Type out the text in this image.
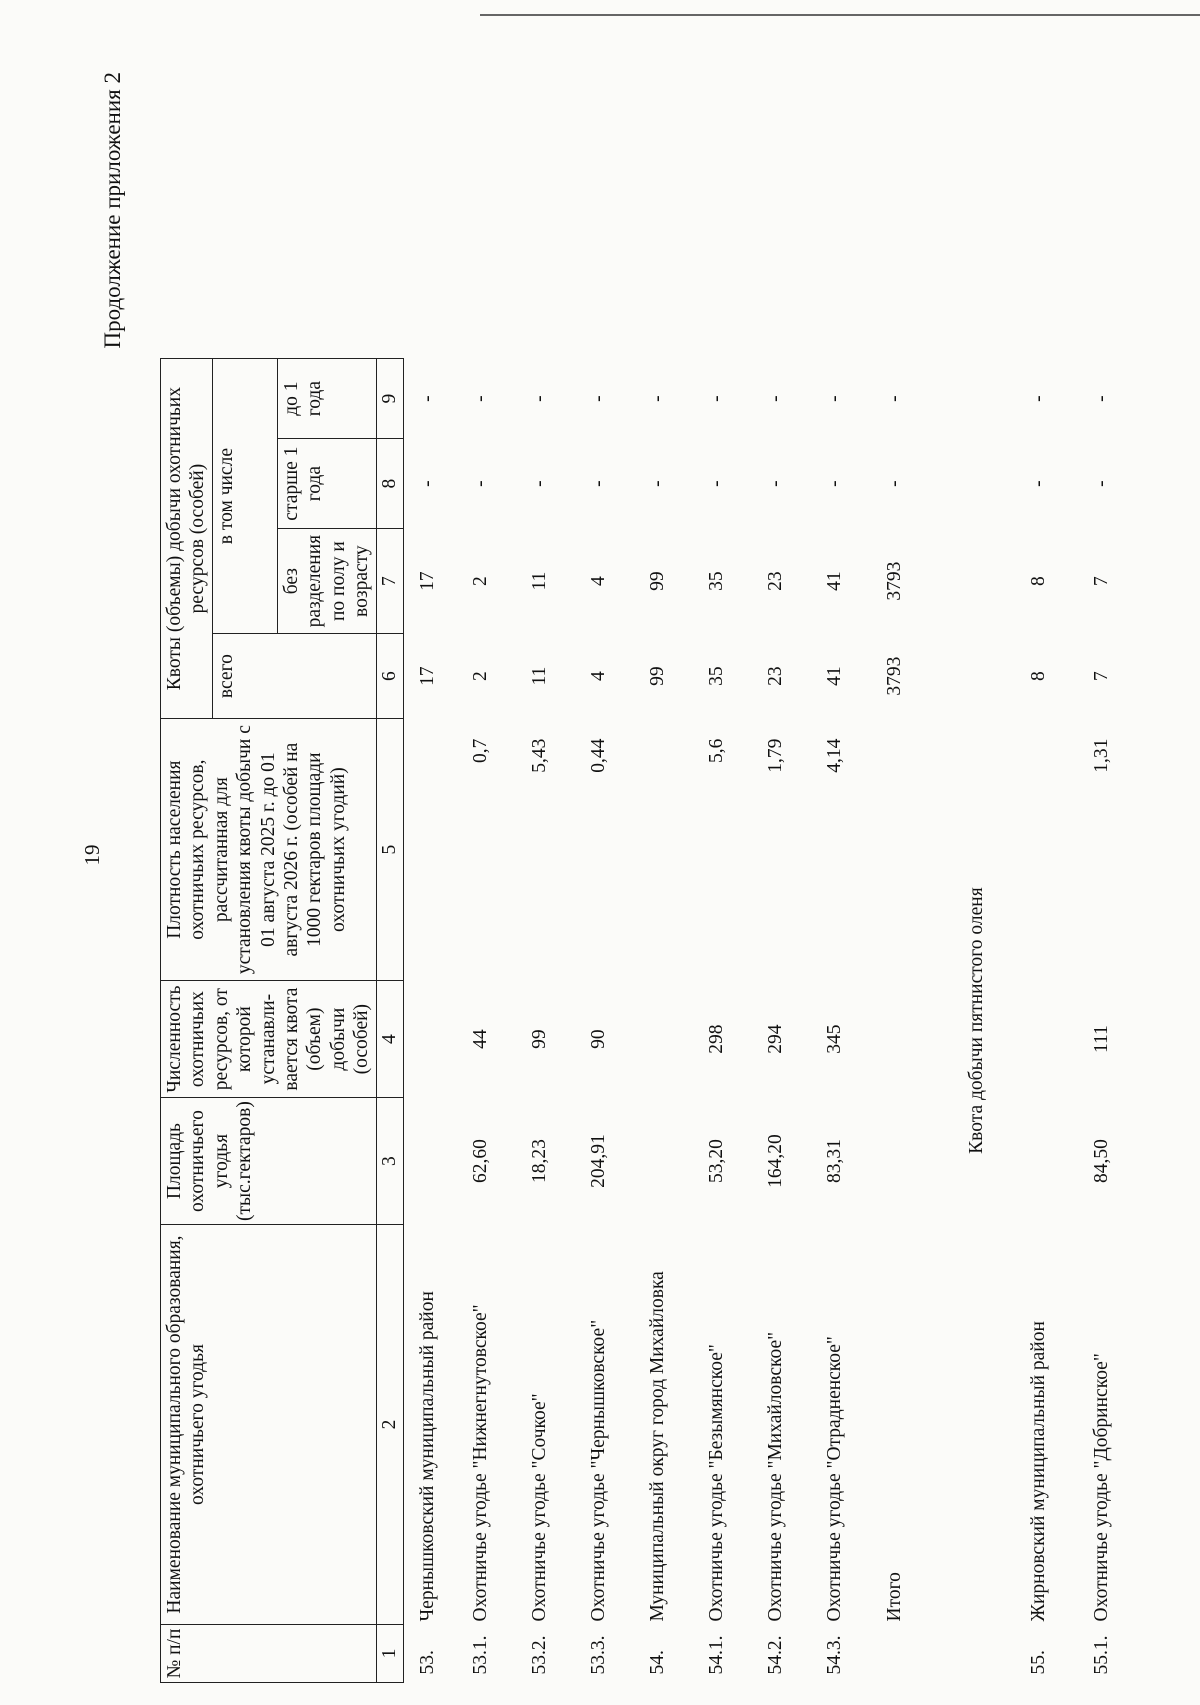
19
Продолжение приложения 2
№ п/п	Наименование муниципального образования, охотничьего угодья	Площадь охотничьего угодья (тыс.гектаров)	Численность охотничьих ресурсов, от которой устанавли-вается квота (объем) добычи (особей)	Плотность населения охотничьих ресурсов, рассчитанная для установления квоты добычи с 01 августа 2025 г. до 01 августа 2026 г. (особей на 1000 гектаров площади охотничьих угодий)	Квоты (объемы) добычи охотничьих ресурсов (особей)			
					всего	в том числе		
						без разделения по полу и возрасту	старше 1 года	до 1 года
1	2	3	4	5	6	7	8	9
53.	Чернышковский муниципальный район				17	17	-	-
53.1.	Охотничье угодье "Нижнегнутовское"	62,60	44	0,7	2	2	-	-
53.2.	Охотничье угодье "Сочкое"	18,23	99	5,43	11	11	-	-
53.3.	Охотничье угодье "Чернышковское"	204,91	90	0,44	4	4	-	-
54.	Муниципальный округ город Михайловка				99	99	-	-
54.1.	Охотничье угодье "Безымянское"	53,20	298	5,6	35	35	-	-
54.2.	Охотничье угодье "Михайловское"	164,20	294	1,79	23	23	-	-
54.3.	Охотничье угодье "Отрадненское"	83,31	345	4,14	41	41	-	-
	Итого				3793	3793	-	-
Квота добычи пятнистого оленя								
55.	Жирновский муниципальный район				8	8	-	-
55.1.	Охотничье угодье "Добринское"	84,50	111	1,31	7	7	-	-
